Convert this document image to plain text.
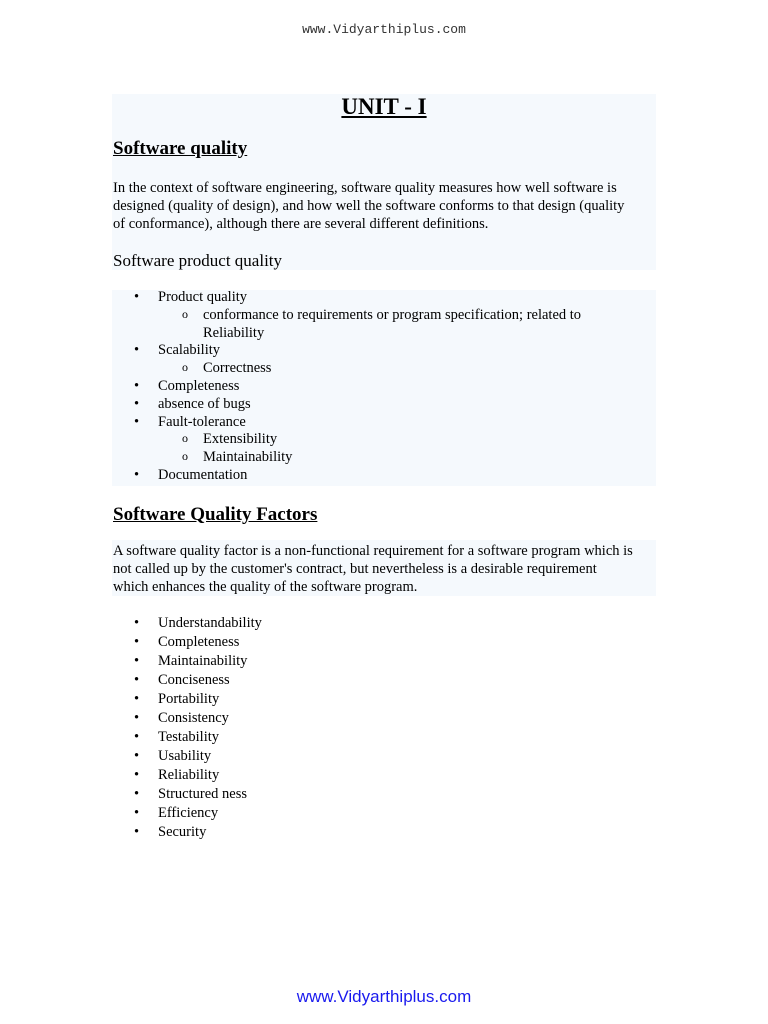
www.Vidyarthiplus.com
UNIT - I
Software quality
In the context of software engineering, software quality measures how well software is
designed (quality of design), and how well the software conforms to that design (quality
of conformance), although there are several different definitions.
Software product quality
• Product quality
o conformance to requirements or program specification; related to
Reliability
• Scalability
o Correctness
• Completeness
• absence of bugs
• Fault-tolerance
o Extensibility
o Maintainability
• Documentation
Software Quality Factors
A software quality factor is a non-functional requirement for a software program which is
not called up by the customer's contract, but nevertheless is a desirable requirement
which enhances the quality of the software program.
• Understandability
• Completeness
• Maintainability
• Conciseness
• Portability
• Consistency
• Testability
• Usability
• Reliability
• Structured ness
• Efficiency
• Security
www.Vidyarthiplus.com
